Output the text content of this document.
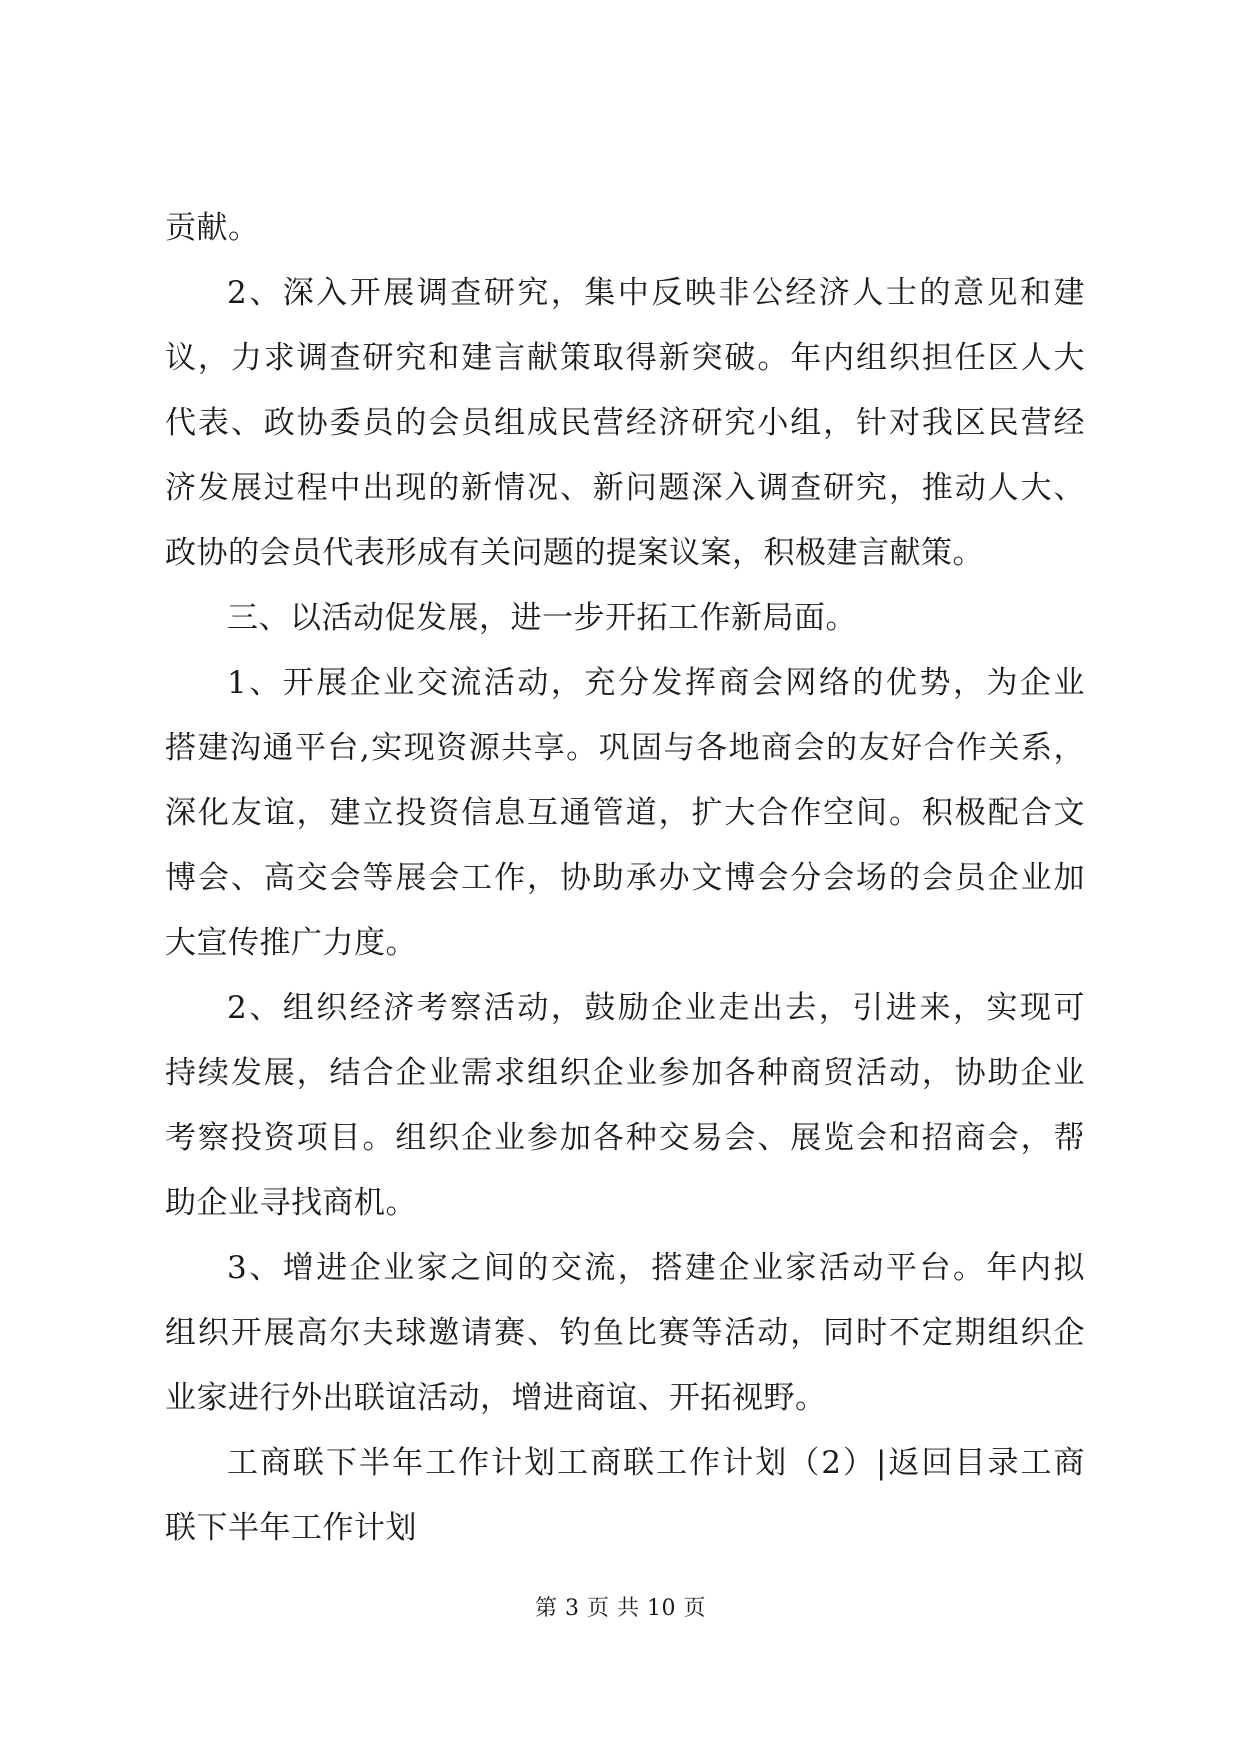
贡献。
2、深入开展调查研究，集中反映非公经济人士的意见和建
议，力求调查研究和建言献策取得新突破。年内组织担任区人大
代表、政协委员的会员组成民营经济研究小组，针对我区民营经
济发展过程中出现的新情况、新问题深入调查研究，推动人大、
政协的会员代表形成有关问题的提案议案，积极建言献策。
三、以活动促发展，进一步开拓工作新局面。
1、开展企业交流活动，充分发挥商会网络的优势，为企业
搭建沟通平台,实现资源共享。巩固与各地商会的友好合作关系，
深化友谊，建立投资信息互通管道，扩大合作空间。积极配合文
博会、高交会等展会工作，协助承办文博会分会场的会员企业加
大宣传推广力度。
2、组织经济考察活动，鼓励企业走出去，引进来，实现可
持续发展，结合企业需求组织企业参加各种商贸活动，协助企业
考察投资项目。组织企业参加各种交易会、展览会和招商会，帮
助企业寻找商机。
3、增进企业家之间的交流，搭建企业家活动平台。年内拟
组织开展高尔夫球邀请赛、钓鱼比赛等活动，同时不定期组织企
业家进行外出联谊活动，增进商谊、开拓视野。
工商联下半年工作计划工商联工作计划（2）|返回目录工商
联下半年工作计划
第 3 页 共 10 页
